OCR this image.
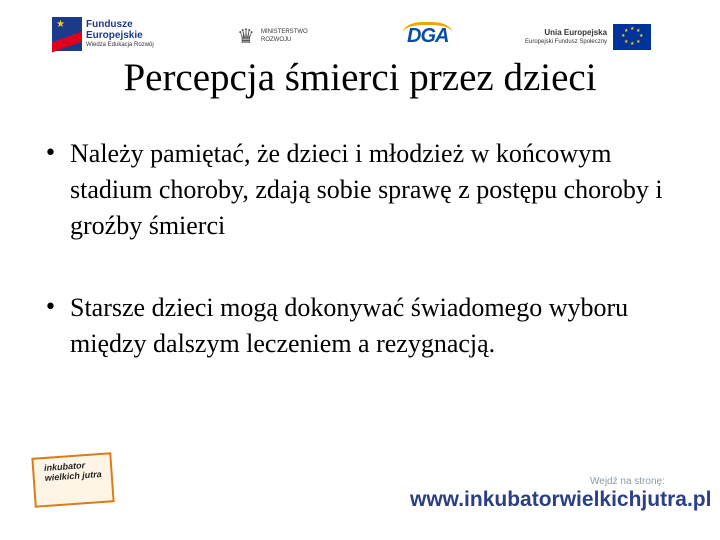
★ Fundusze
Europejskie
Wiedza Edukacja Rozwój	♛ MINISTERSTWO
ROZWOJU	DGA	Unia Europejska
Europejski Fundusz Społeczny
★ ★
★
★
★
★
★
★
Percepcja śmierci przez dzieci
• Należy pamiętać, że dzieci i młodzież w końcowym stadium choroby, zdają sobie sprawę z postępu choroby i groźby śmierci
• Starsze dzieci mogą dokonywać świadomego wyboru między dalszym leczeniem a rezygnacją.
inkubator wielkich jutra	Wejdź na stronę:
www.inkubatorwielkichjutra.pl
